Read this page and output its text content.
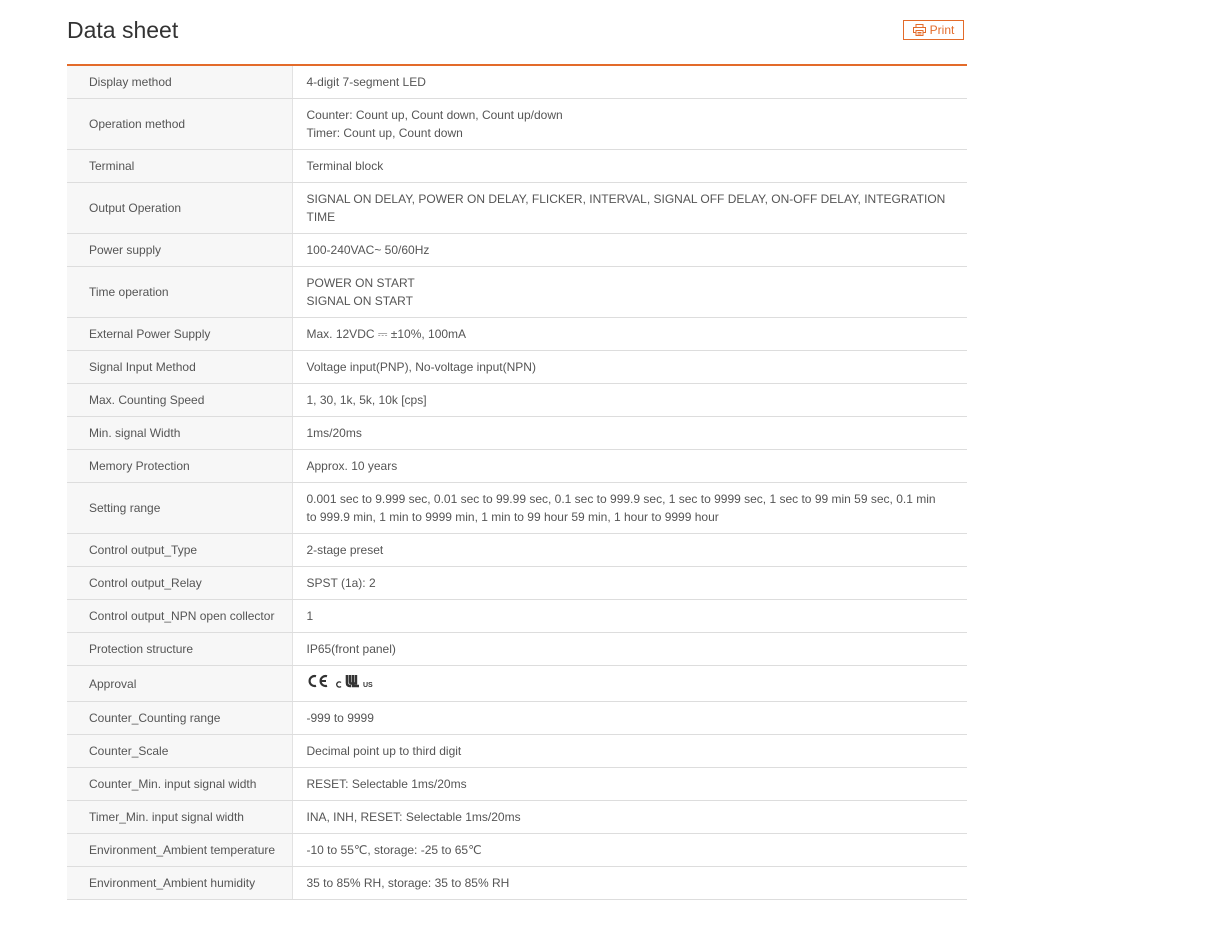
Data sheet	Print
Display method	4-digit 7-segment LED

Operation method	Counter: Count up, Count down, Count up/down
Timer: Count up, Count down

Terminal	Terminal block

Output Operation	SIGNAL ON DELAY, POWER ON DELAY, FLICKER, INTERVAL, SIGNAL OFF DELAY, ON-OFF DELAY, INTEGRATION TIME

Power supply	100-240VAC~ 50/60Hz

Time operation	POWER ON START
SIGNAL ON START

External Power Supply	Max. 12VDC ⎓ ±10%, 100mA

Signal Input Method	Voltage input(PNP), No-voltage input(NPN)

Max. Counting Speed	1, 30, 1k, 5k, 10k [cps]

Min. signal Width	1ms/20ms

Memory Protection	Approx. 10 years

Setting range	0.001 sec to 9.999 sec, 0.01 sec to 99.99 sec, 0.1 sec to 999.9 sec, 1 sec to 9999 sec, 1 sec to 99 min 59 sec, 0.1 min to 999.9 min, 1 min to 9999 min, 1 min to 99 hour 59 min, 1 hour to 9999 hour

Control output_Type	2-stage preset

Control output_Relay	SPST (1a): 2

Control output_NPN open collector	1

Protection structure	IP65(front panel)

Approval	US

Counter_Counting range	-999 to 9999

Counter_Scale	Decimal point up to third digit

Counter_Min. input signal width	RESET: Selectable 1ms/20ms

Timer_Min. input signal width	INA, INH, RESET: Selectable 1ms/20ms

Environment_Ambient temperature	-10 to 55℃, storage: -25 to 65℃

Environment_Ambient humidity	35 to 85% RH, storage: 35 to 85% RH
